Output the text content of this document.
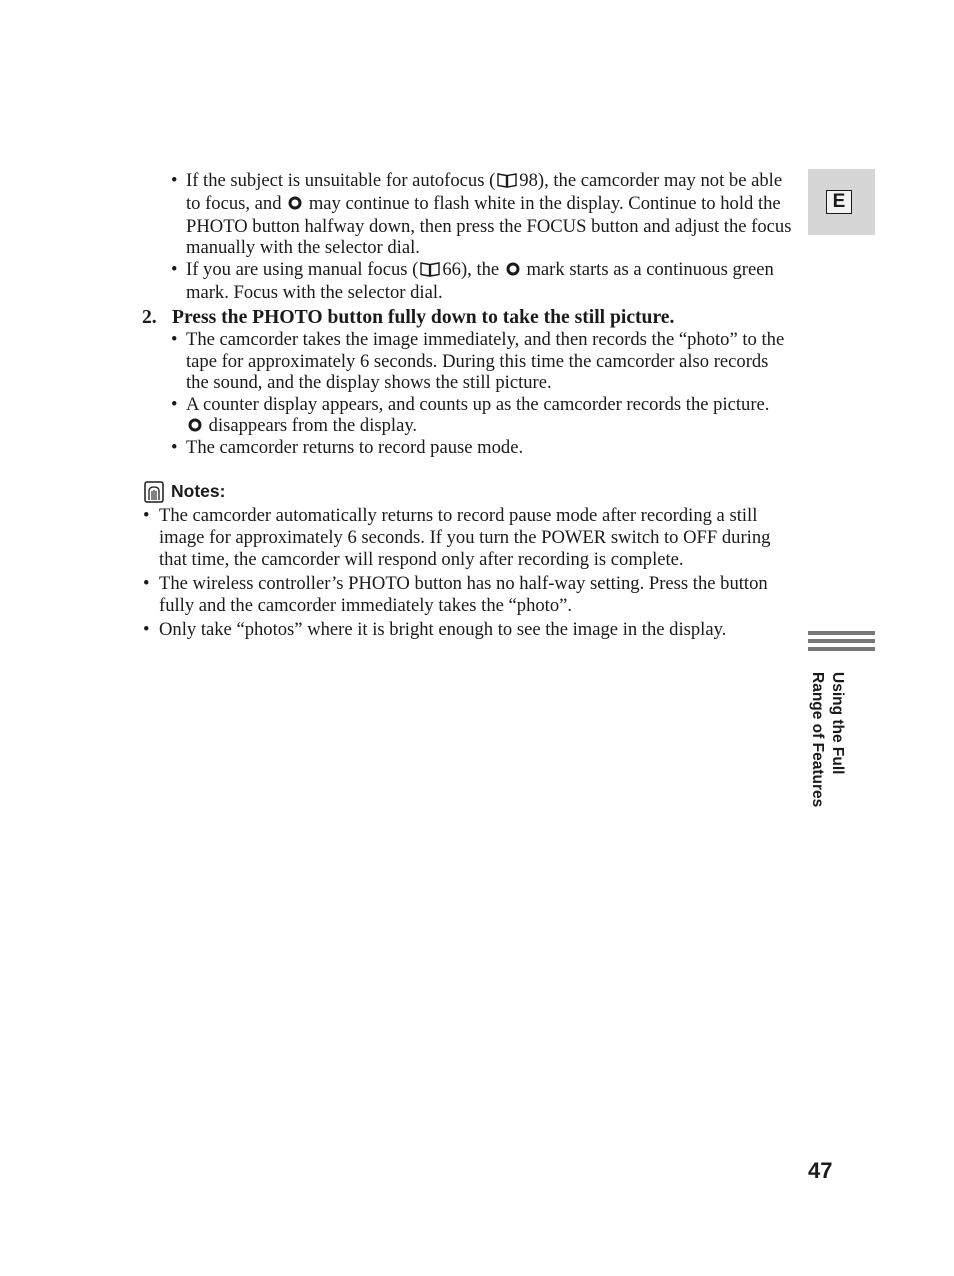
• If the subject is unsuitable for autofocus ( 98), the camcorder may not be able to focus, and  may continue to flash white in the display. Continue to hold the PHOTO button halfway down, then press the FOCUS button and adjust the focus manually with the selector dial.
• If you are using manual focus ( 66), the  mark starts as a continuous green mark. Focus with the selector dial.
2. Press the PHOTO button fully down to take the still picture.
• The camcorder takes the image immediately, and then records the “photo” to the tape for approximately 6 seconds. During this time the camcorder also records the sound, and the display shows the still picture.
• A counter display appears, and counts up as the camcorder records the picture.  disappears from the display.
• The camcorder returns to record pause mode.
Notes:
• The camcorder automatically returns to record pause mode after recording a still image for approximately 6 seconds. If you turn the POWER switch to OFF during that time, the camcorder will respond only after recording is complete.
• The wireless controller’s PHOTO button has no half-way setting. Press the button fully and the camcorder immediately takes the “photo”.
• Only take “photos” where it is bright enough to see the image in the display.
E
Using the Full
Range of Features
47
